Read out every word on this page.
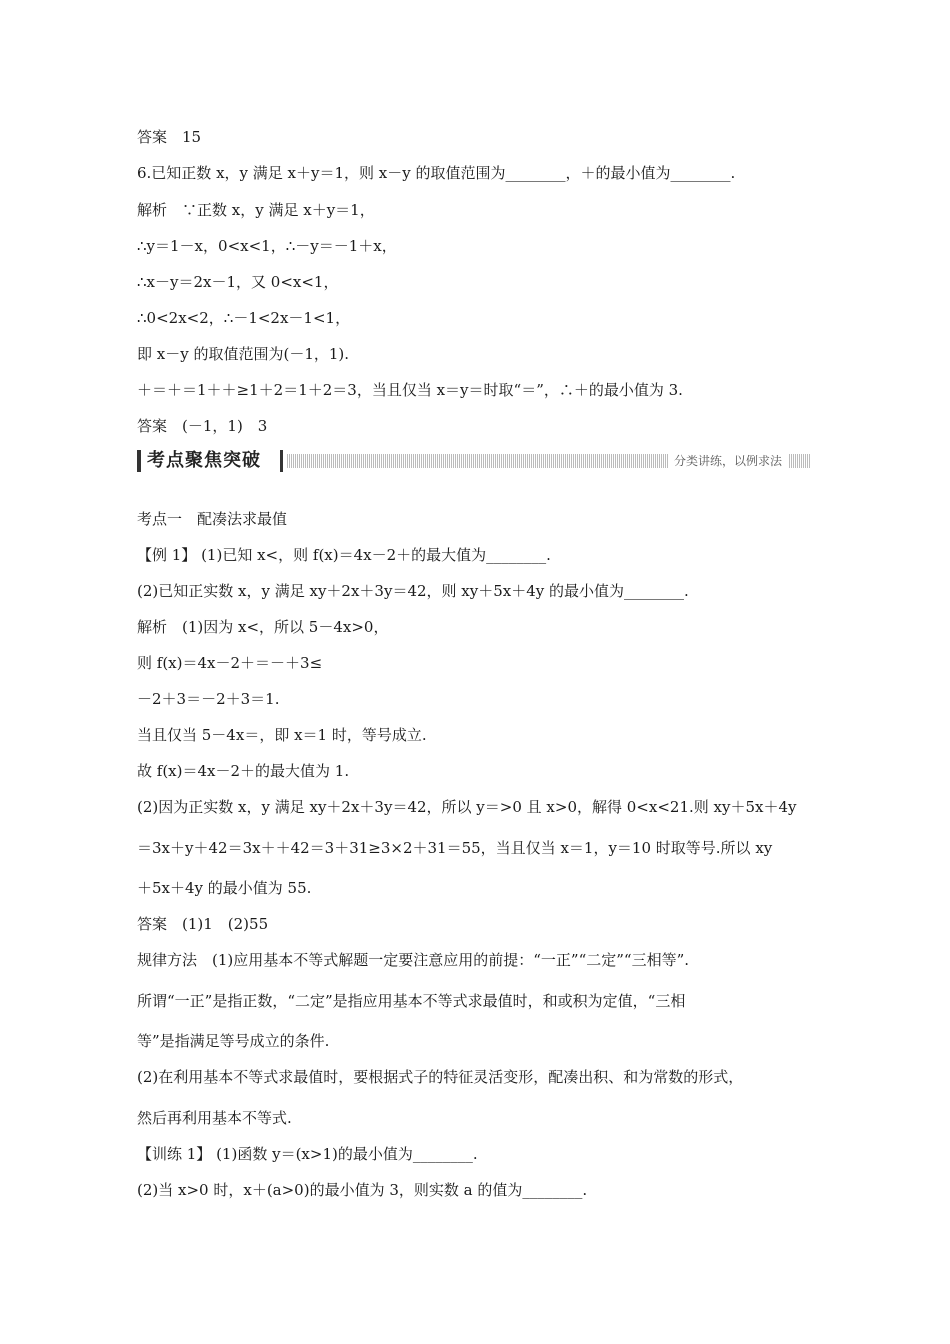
答案　15
6.已知正数 x，y 满足 x＋y＝1，则 x－y 的取值范围为________，＋的最小值为________.
解析　∵正数 x，y 满足 x＋y＝1，
∴y＝1－x，0<x<1，∴－y＝－1＋x，
∴x－y＝2x－1，又 0<x<1，
∴0<2x<2，∴－1<2x－1<1，
即 x－y 的取值范围为(－1，1).
＋＝＋＝1＋＋≥1＋2＝1＋2＝3，当且仅当 x＝y＝时取“＝”，∴＋的最小值为 3.
答案　(－1，1)　3
考点聚焦突破	分类讲练，以例求法
考点一　配凑法求最值
【例 1】 (1)已知 x<，则 f(x)＝4x－2＋的最大值为________.
(2)已知正实数 x，y 满足 xy＋2x＋3y＝42，则 xy＋5x＋4y 的最小值为________.
解析　(1)因为 x<，所以 5－4x>0，
则 f(x)＝4x－2＋＝－＋3≤
－2＋3＝－2＋3＝1.
当且仅当 5－4x＝，即 x＝1 时，等号成立.
故 f(x)＝4x－2＋的最大值为 1.
(2)因为正实数 x，y 满足 xy＋2x＋3y＝42，所以 y＝>0 且 x>0，解得 0<x<21.则 xy＋5x＋4y
＝3x＋y＋42＝3x＋＋42＝3＋31≥3×2＋31＝55，当且仅当 x＝1，y＝10 时取等号.所以 xy
＋5x＋4y 的最小值为 55.
答案　(1)1　(2)55
规律方法　(1)应用基本不等式解题一定要注意应用的前提：“一正”“二定”“三相等”.
所谓“一正”是指正数，“二定”是指应用基本不等式求最值时，和或积为定值，“三相
等”是指满足等号成立的条件.
(2)在利用基本不等式求最值时，要根据式子的特征灵活变形，配凑出积、和为常数的形式，
然后再利用基本不等式.
【训练 1】 (1)函数 y＝(x>1)的最小值为________.
(2)当 x>0 时，x＋(a>0)的最小值为 3，则实数 a 的值为________.
